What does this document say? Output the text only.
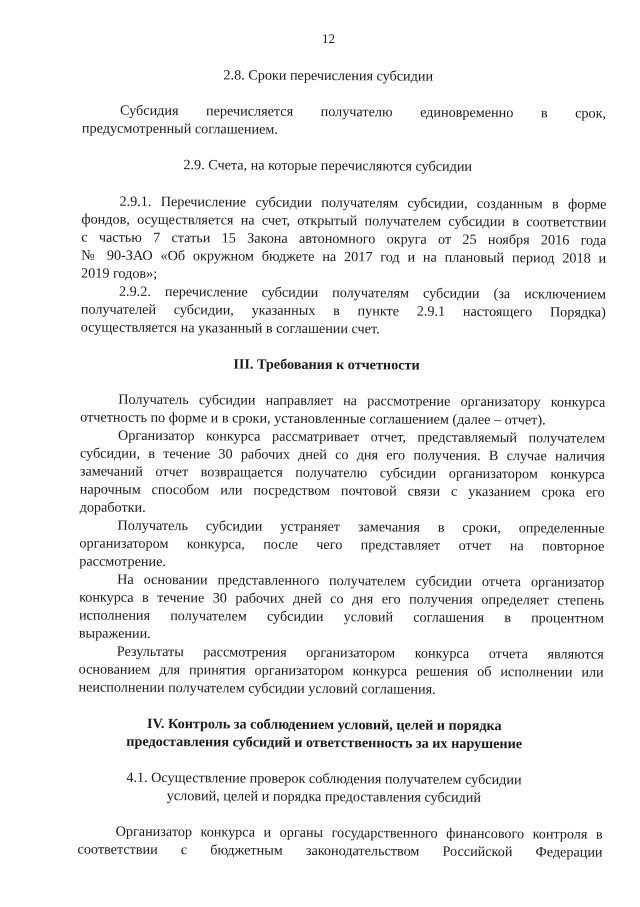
12
2.8. Сроки перечисления субсидии
Субсидия перечисляется получателю единовременно в срок,
предусмотренный соглашением.
2.9. Счета, на которые перечисляются субсидии
2.9.1. Перечисление субсидии получателям субсидии, созданным в форме
фондов, осуществляется на счет, открытый получателем субсидии в соответствии
с частью 7 статьи 15 Закона автономного округа от 25 ноября 2016 года
№ 90-ЗАО «Об окружном бюджете на 2017 год и на плановый период 2018 и
2019 годов»;
2.9.2. перечисление субсидии получателям субсидии (за исключением
получателей субсидии, указанных в пункте 2.9.1 настоящего Порядка)
осуществляется на указанный в соглашении счет.
III. Требования к отчетности
Получатель субсидии направляет на рассмотрение организатору конкурса
отчетность по форме и в сроки, установленные соглашением (далее – отчет).
Организатор конкурса рассматривает отчет, представляемый получателем
субсидии, в течение 30 рабочих дней со дня его получения. В случае наличия
замечаний отчет возвращается получателю субсидии организатором конкурса
нарочным способом или посредством почтовой связи с указанием срока его
доработки.
Получатель субсидии устраняет замечания в сроки, определенные
организатором конкурса, после чего представляет отчет на повторное
рассмотрение.
На основании представленного получателем субсидии отчета организатор
конкурса в течение 30 рабочих дней со дня его получения определяет степень
исполнения получателем субсидии условий соглашения в процентном
выражении.
Результаты рассмотрения организатором конкурса отчета являются
основанием для принятия организатором конкурса решения об исполнении или
неисполнении получателем субсидии условий соглашения.
IV. Контроль за соблюдением условий, целей и порядка
предоставления субсидий и ответственность за их нарушение
4.1. Осуществление проверок соблюдения получателем субсидии
условий, целей и порядка предоставления субсидий
Организатор конкурса и органы государственного финансового контроля в
соответствии с бюджетным законодательством Российской Федерации
